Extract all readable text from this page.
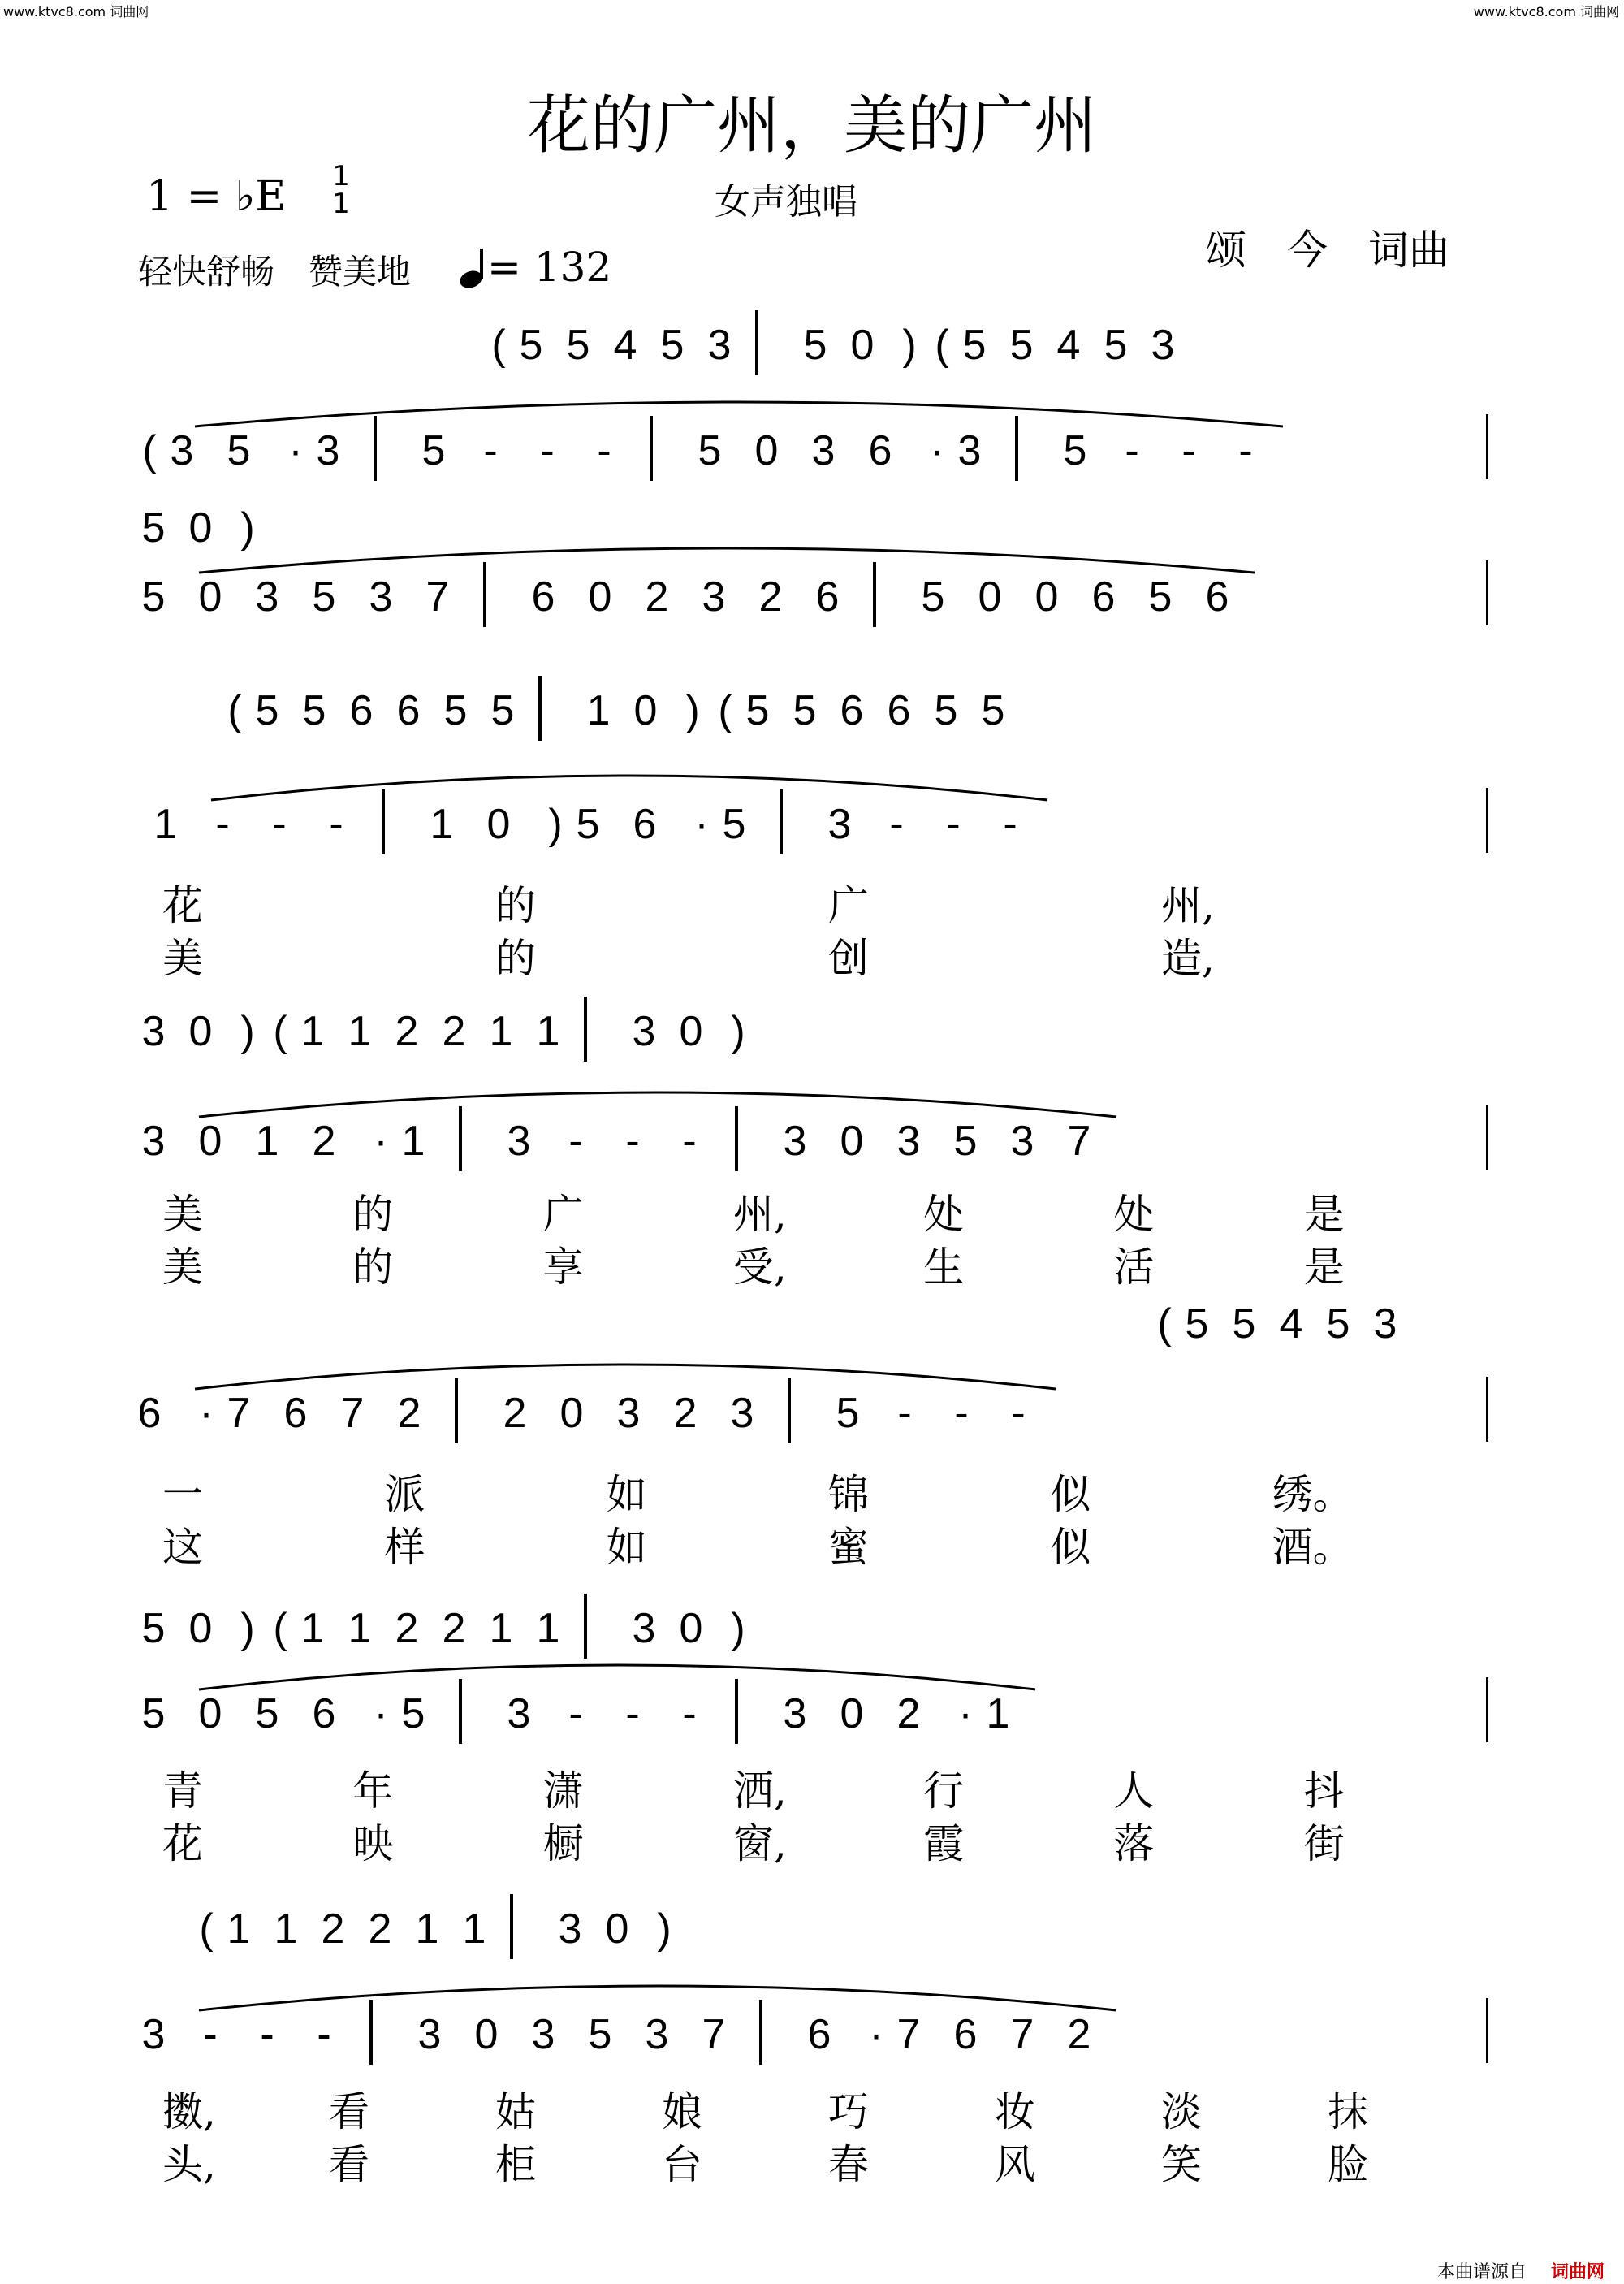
www.ktvc8.com 词曲网	www.ktvc8.com 词曲网
花的广州，美的广州
1 = ♭E 1
1	女声独唱
轻快舒畅　赞美地 = 132	颂　今　词曲
本曲谱源自 词曲网
( 5 5 4 5 3 5 0 ) ( 5 5 4 5 3
( 3 5 · 3 5 - - - 5 0 3 6 · 3 5 - - -
5 0 )
5 0 3 5 3 7 6 0 2 3 2 6 5 0 0 6 5 6
( 5 5 6 6 5 5 1 0 ) ( 5 5 6 6 5 5
1 - - - 1 0 ) 5 6 · 5 3 - - -
花	的	广	州,
美	的	创	造,
3 0 ) ( 1 1 2 2 1 1 3 0 )
3 0 1 2 · 1 3 - - - 3 0 3 5 3 7
美	的	广	州,	处	处	是
美	的	享	受,	生	活	是
( 5 5 4 5 3
6 · 7 6 7 2 2 0 3 2 3 5 - - -
一	派	如	锦	似	绣。
这	样	如	蜜	似	酒。
5 0 ) ( 1 1 2 2 1 1 3 0 )
5 0 5 6 · 5 3 - - - 3 0 2 · 1
青	年	潇	洒,	行	人	抖
花	映	橱	窗,	霞	落	街
( 1 1 2 2 1 1 3 0 )
3 - - - 3 0 3 5 3 7 6 · 7 6 7 2
擞,	看	姑	娘	巧	妆	淡	抹
头,	看	柜	台	春	风	笑	脸
